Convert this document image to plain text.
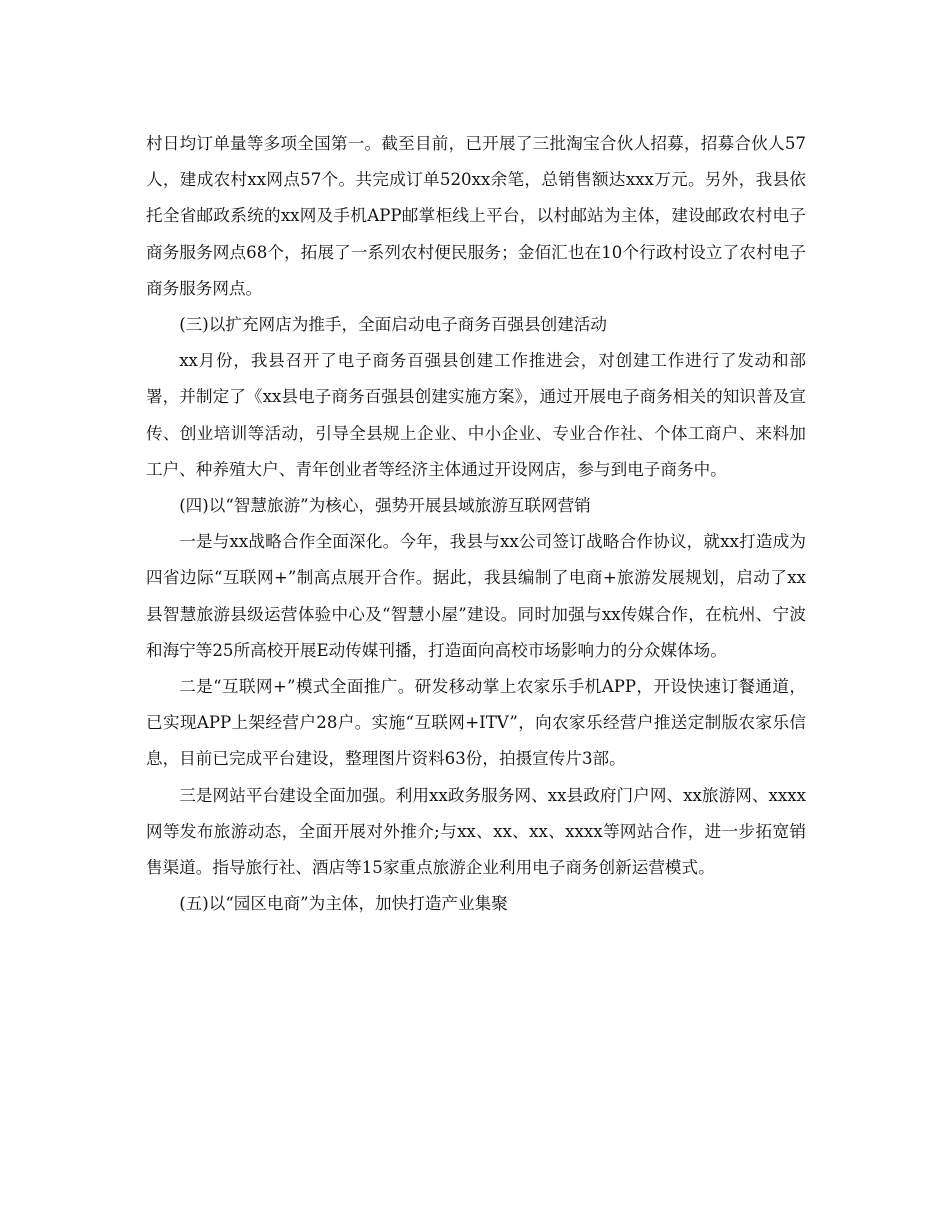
村日均订单量等多项全国第一。截至目前，已开展了三批淘宝合伙人招募，招募合伙人57人，建成农村xx网点57个。共完成订单520xx余笔，总销售额达xxx万元。另外，我县依托全省邮政系统的xx网及手机APP邮掌柜线上平台，以村邮站为主体，建设邮政农村电子商务服务网点68个，拓展了一系列农村便民服务；金佰汇也在10个行政村设立了农村电子商务服务网点。

(三)以扩充网店为推手，全面启动电子商务百强县创建活动

xx月份，我县召开了电子商务百强县创建工作推进会，对创建工作进行了发动和部署，并制定了《xx县电子商务百强县创建实施方案》，通过开展电子商务相关的知识普及宣传、创业培训等活动，引导全县规上企业、中小企业、专业合作社、个体工商户、来料加工户、种养殖大户、青年创业者等经济主体通过开设网店，参与到电子商务中。

(四)以“智慧旅游”为核心，强势开展县域旅游互联网营销

一是与xx战略合作全面深化。今年，我县与xx公司签订战略合作协议，就xx打造成为四省边际“互联网+”制高点展开合作。据此，我县编制了电商+旅游发展规划，启动了xx县智慧旅游县级运营体验中心及“智慧小屋”建设。同时加强与xx传媒合作，在杭州、宁波和海宁等25所高校开展E动传媒刊播，打造面向高校市场影响力的分众媒体场。

二是“互联网+”模式全面推广。研发移动掌上农家乐手机APP，开设快速订餐通道，已实现APP上架经营户28户。实施“互联网+ITV”，向农家乐经营户推送定制版农家乐信息，目前已完成平台建设，整理图片资料63份，拍摄宣传片3部。

三是网站平台建设全面加强。利用xx政务服务网、xx县政府门户网、xx旅游网、xxxx网等发布旅游动态，全面开展对外推介;与xx、xx、xx、xxxx等网站合作，进一步拓宽销售渠道。指导旅行社、酒店等15家重点旅游企业利用电子商务创新运营模式。

(五)以“园区电商”为主体，加快打造产业集聚
